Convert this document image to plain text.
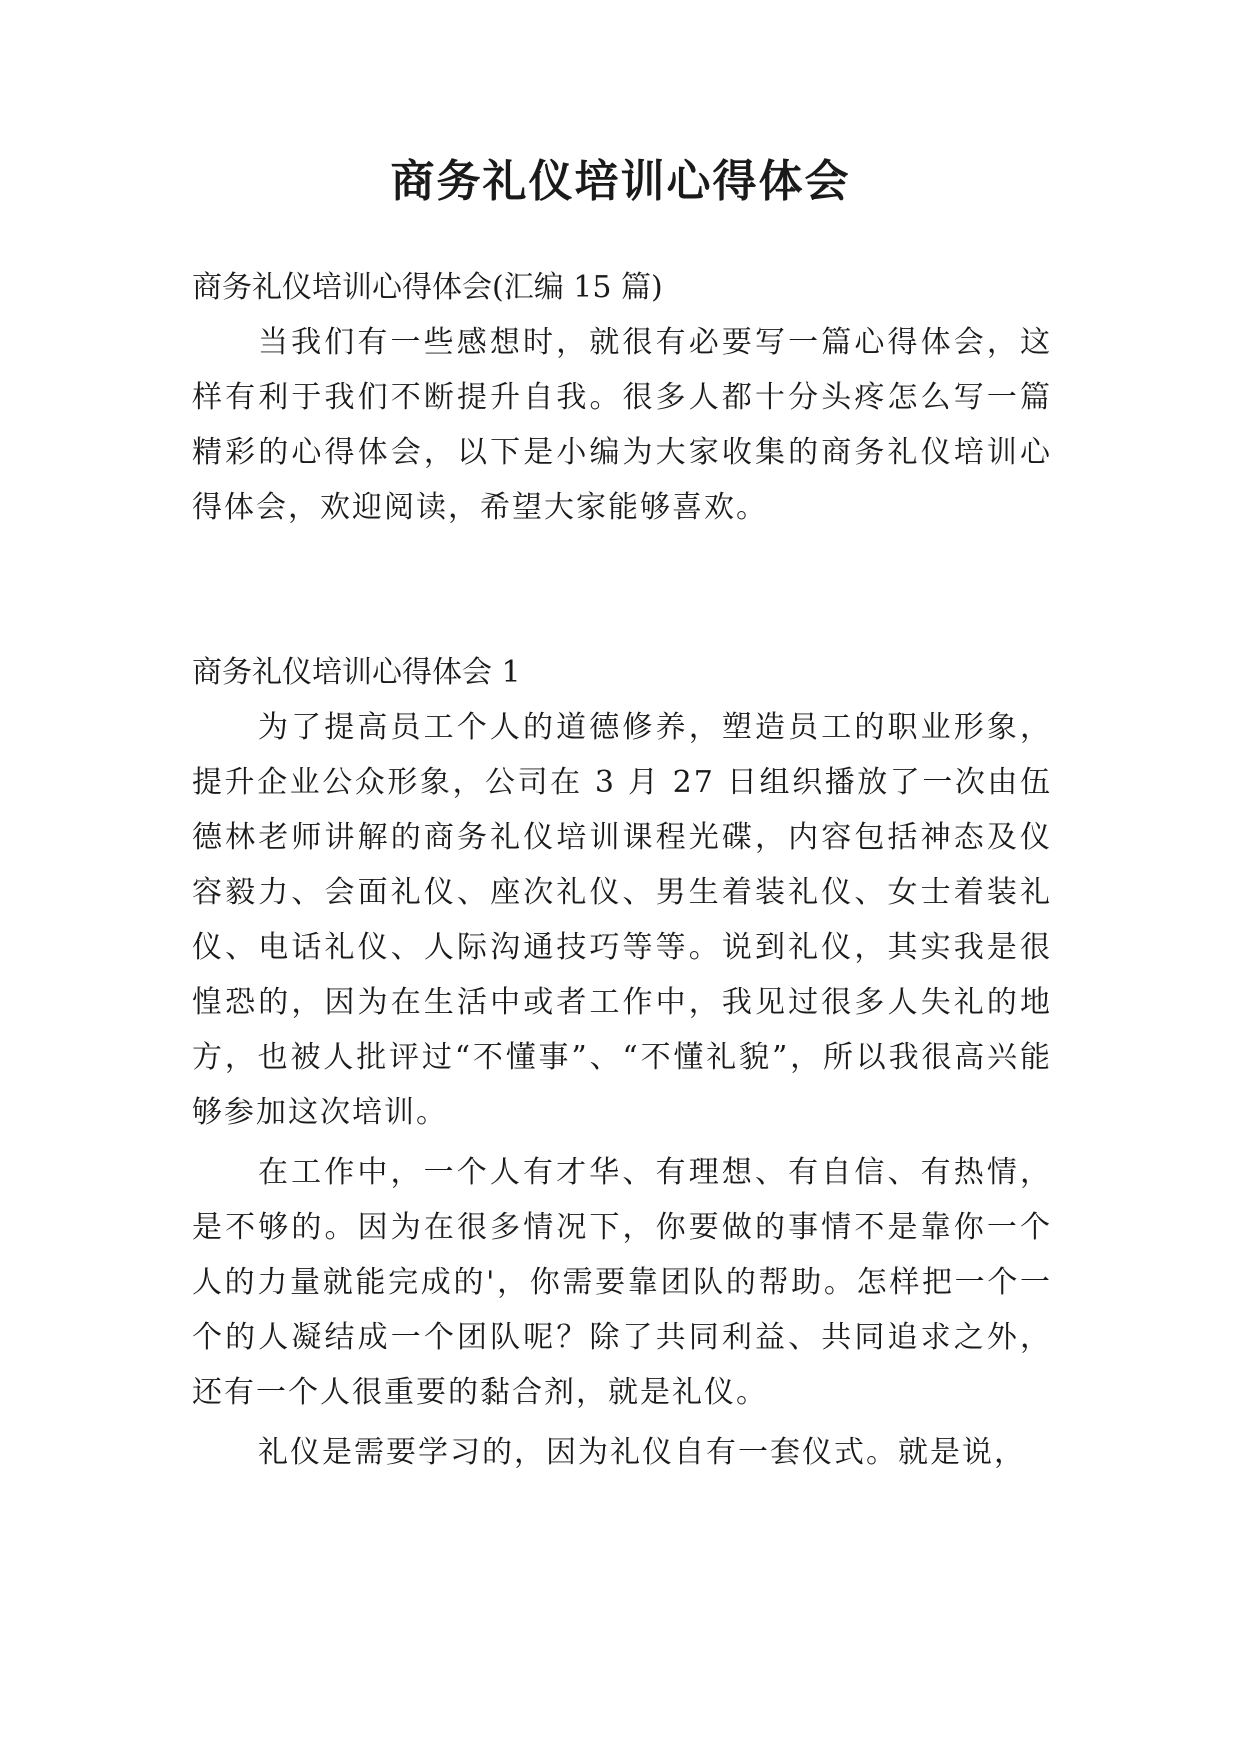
商务礼仪培训心得体会
商务礼仪培训心得体会(汇编 15 篇)

当我们有一些感想时，就很有必要写一篇心得体会，这样有利于我们不断提升自我。很多人都十分头疼怎么写一篇精彩的心得体会，以下是小编为大家收集的商务礼仪培训心得体会，欢迎阅读，希望大家能够喜欢。

商务礼仪培训心得体会 1

为了提高员工个人的道德修养，塑造员工的职业形象，提升企业公众形象，公司在 3 月 27 日组织播放了一次由伍德林老师讲解的商务礼仪培训课程光碟，内容包括神态及仪容毅力、会面礼仪、座次礼仪、男生着装礼仪、女士着装礼仪、电话礼仪、人际沟通技巧等等。说到礼仪，其实我是很惶恐的，因为在生活中或者工作中，我见过很多人失礼的地方，也被人批评过“不懂事”、“不懂礼貌”，所以我很高兴能够参加这次培训。

在工作中，一个人有才华、有理想、有自信、有热情，是不够的。因为在很多情况下，你要做的事情不是靠你一个人的力量就能完成的'，你需要靠团队的帮助。怎样把一个一个的人凝结成一个团队呢？除了共同利益、共同追求之外，还有一个人很重要的黏合剂，就是礼仪。

礼仪是需要学习的，因为礼仪自有一套仪式。就是说，
